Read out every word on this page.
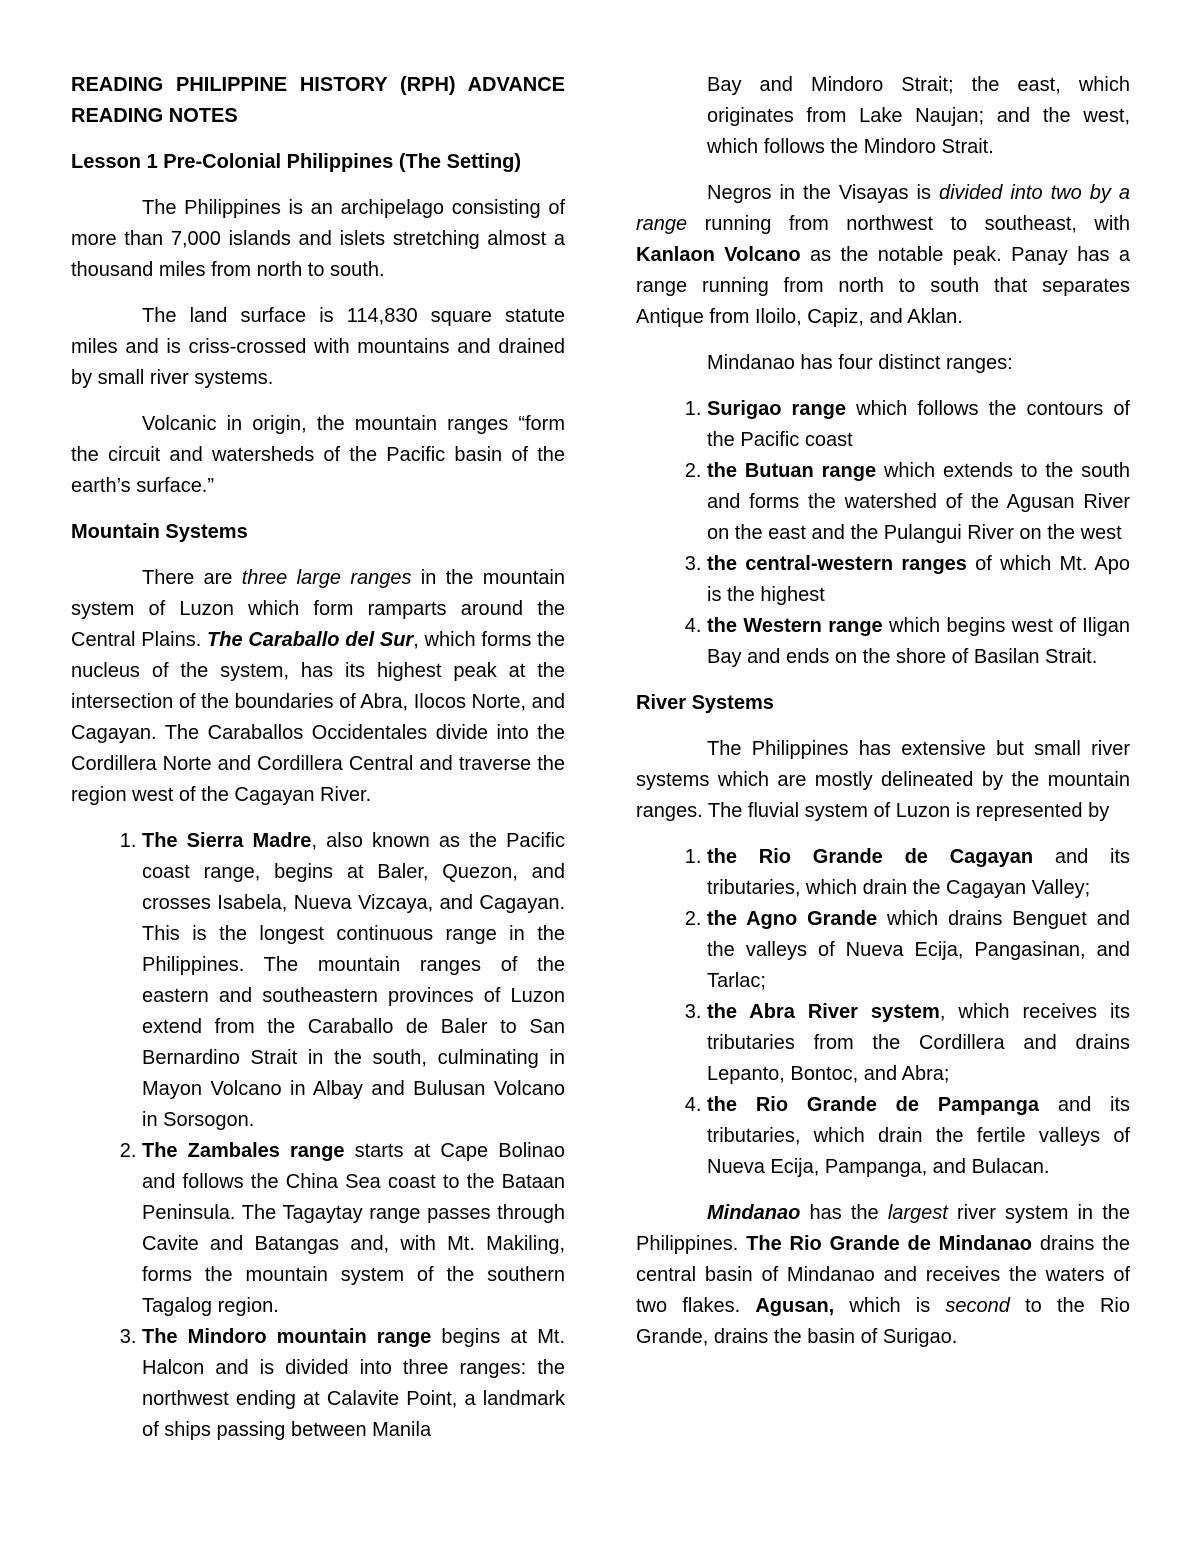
READING PHILIPPINE HISTORY (RPH) ADVANCE READING NOTES

Lesson 1 Pre-Colonial Philippines (The Setting)

The Philippines is an archipelago consisting of more than 7,000 islands and islets stretching almost a thousand miles from north to south.

The land surface is 114,830 square statute miles and is criss-crossed with mountains and drained by small river systems.

Volcanic in origin, the mountain ranges “form the circuit and watersheds of the Pacific basin of the earth’s surface.”

Mountain Systems

There are three large ranges in the mountain system of Luzon which form ramparts around the Central Plains. The Caraballo del Sur, which forms the nucleus of the system, has its highest peak at the intersection of the boundaries of Abra, Ilocos Norte, and Cagayan. The Caraballos Occidentales divide into the Cordillera Norte and Cordillera Central and traverse the region west of the Cagayan River.

1. The Sierra Madre, also known as the Pacific coast range, begins at Baler, Quezon, and crosses Isabela, Nueva Vizcaya, and Cagayan. This is the longest continuous range in the Philippines. The mountain ranges of the eastern and southeastern provinces of Luzon extend from the Caraballo de Baler to San Bernardino Strait in the south, culminating in Mayon Volcano in Albay and Bulusan Volcano in Sorsogon.
2. The Zambales range starts at Cape Bolinao and follows the China Sea coast to the Bataan Peninsula. The Tagaytay range passes through Cavite and Batangas and, with Mt. Makiling, forms the mountain system of the southern Tagalog region.
3. The Mindoro mountain range begins at Mt. Halcon and is divided into three ranges: the northwest ending at Calavite Point, a landmark of ships passing between Manila

Bay and Mindoro Strait; the east, which originates from Lake Naujan; and the west, which follows the Mindoro Strait.

Negros in the Visayas is divided into two by a range running from northwest to southeast, with Kanlaon Volcano as the notable peak. Panay has a range running from north to south that separates Antique from Iloilo, Capiz, and Aklan.

Mindanao has four distinct ranges:

1. Surigao range which follows the contours of the Pacific coast
2. the Butuan range which extends to the south and forms the watershed of the Agusan River on the east and the Pulangui River on the west
3. the central-western ranges of which Mt. Apo is the highest
4. the Western range which begins west of Iligan Bay and ends on the shore of Basilan Strait.

River Systems

The Philippines has extensive but small river systems which are mostly delineated by the mountain ranges. The fluvial system of Luzon is represented by

1. the Rio Grande de Cagayan and its tributaries, which drain the Cagayan Valley;
2. the Agno Grande which drains Benguet and the valleys of Nueva Ecija, Pangasinan, and Tarlac;
3. the Abra River system, which receives its tributaries from the Cordillera and drains Lepanto, Bontoc, and Abra;
4. the Rio Grande de Pampanga and its tributaries, which drain the fertile valleys of Nueva Ecija, Pampanga, and Bulacan.

Mindanao has the largest river system in the Philippines. The Rio Grande de Mindanao drains the central basin of Mindanao and receives the waters of two flakes. Agusan, which is second to the Rio Grande, drains the basin of Surigao.
